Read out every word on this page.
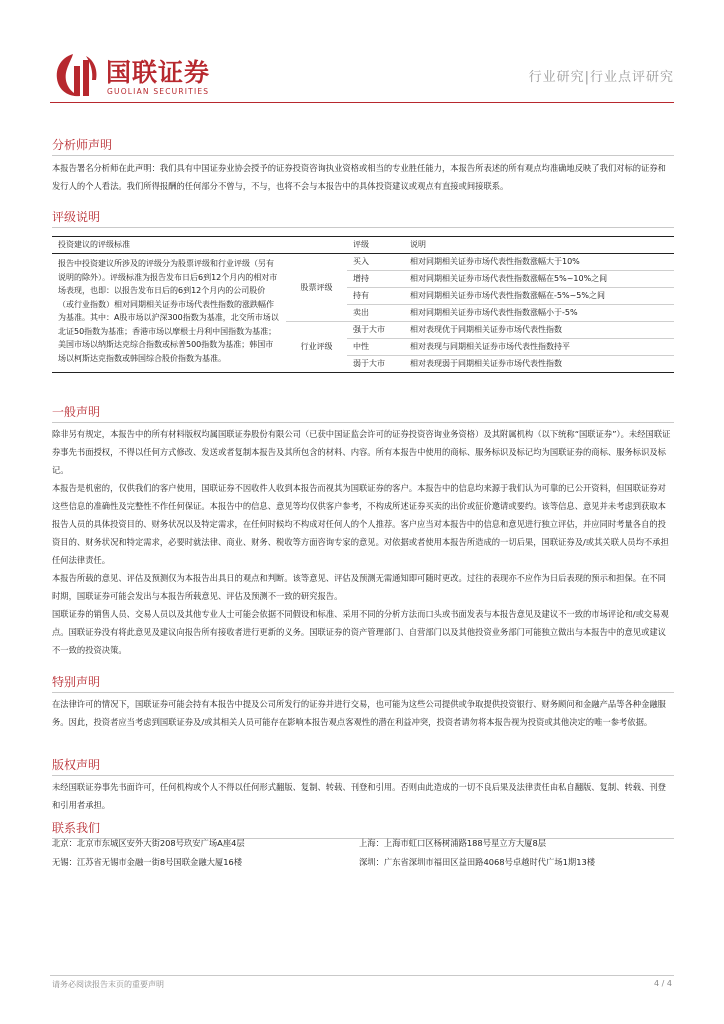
国联证券
GUOLIAN SECURITIES
行业研究|行业点评研究
分析师声明

本报告署名分析师在此声明：我们具有中国证券业协会授予的证券投资咨询执业资格或相当的专业胜任能力，本报告所表述的所有观点均准确地反映了我们对标的证券和发行人的个人看法。我们所得报酬的任何部分不曾与，不与，也将不会与本报告中的具体投资建议或观点有直接或间接联系。

评级说明
投资建议的评级标准		评级	说明
报告中投资建议所涉及的评级分为股票评级和行业评级（另有说明的除外）。评级标准为报告发布日后6到12个月内的相对市场表现，也即：以报告发布日后的6到12个月内的公司股价（或行业指数）相对同期相关证券市场代表性指数的涨跌幅作为基准。其中：A股市场以沪深300指数为基准，北交所市场以北证50指数为基准；香港市场以摩根士丹利中国指数为基准；美国市场以纳斯达克综合指数或标普500指数为基准；韩国市场以柯斯达克指数或韩国综合股价指数为基准。	股票评级	买入	相对同期相关证券市场代表性指数涨幅大于10%
		增持	相对同期相关证券市场代表性指数涨幅在5%~10%之间
		持有	相对同期相关证券市场代表性指数涨幅在-5%~5%之间
		卖出	相对同期相关证券市场代表性指数涨幅小于-5%
	行业评级	强于大市	相对表现优于同期相关证券市场代表性指数
		中性	相对表现与同期相关证券市场代表性指数持平
		弱于大市	相对表现弱于同期相关证券市场代表性指数
一般声明

除非另有规定，本报告中的所有材料版权均属国联证券股份有限公司（已获中国证监会许可的证券投资咨询业务资格）及其附属机构（以下统称“国联证券”）。未经国联证券事先书面授权，不得以任何方式修改、发送或者复制本报告及其所包含的材料、内容。所有本报告中使用的商标、服务标识及标记均为国联证券的商标、服务标识及标记。

本报告是机密的，仅供我们的客户使用，国联证券不因收件人收到本报告而视其为国联证券的客户。本报告中的信息均来源于我们认为可靠的已公开资料，但国联证券对这些信息的准确性及完整性不作任何保证。本报告中的信息、意见等均仅供客户参考，不构成所述证券买卖的出价或征价邀请或要约。该等信息、意见并未考虑到获取本报告人员的具体投资目的、财务状况以及特定需求，在任何时候均不构成对任何人的个人推荐。客户应当对本报告中的信息和意见进行独立评估，并应同时考量各自的投资目的、财务状况和特定需求，必要时就法律、商业、财务、税收等方面咨询专家的意见。对依据或者使用本报告所造成的一切后果，国联证券及/或其关联人员均不承担任何法律责任。

本报告所载的意见、评估及预测仅为本报告出具日的观点和判断。该等意见、评估及预测无需通知即可随时更改。过往的表现亦不应作为日后表现的预示和担保。在不同时期，国联证券可能会发出与本报告所载意见、评估及预测不一致的研究报告。

国联证券的销售人员、交易人员以及其他专业人士可能会依据不同假设和标准、采用不同的分析方法而口头或书面发表与本报告意见及建议不一致的市场评论和/或交易观点。国联证券没有将此意见及建议向报告所有接收者进行更新的义务。国联证券的资产管理部门、自营部门以及其他投资业务部门可能独立做出与本报告中的意见或建议不一致的投资决策。

特别声明

在法律许可的情况下，国联证券可能会持有本报告中提及公司所发行的证券并进行交易，也可能为这些公司提供或争取提供投资银行、财务顾问和金融产品等各种金融服务。因此，投资者应当考虑到国联证券及/或其相关人员可能存在影响本报告观点客观性的潜在利益冲突，投资者请勿将本报告视为投资或其他决定的唯一参考依据。

版权声明

未经国联证券事先书面许可，任何机构或个人不得以任何形式翻版、复制、转载、刊登和引用。否则由此造成的一切不良后果及法律责任由私自翻版、复制、转载、刊登和引用者承担。

联系我们
北京：北京市东城区安外大街208号玖安广场A座4层	上海：上海市虹口区杨树浦路188号星立方大厦8层
无锡：江苏省无锡市金融一街8号国联金融大厦16楼	深圳：广东省深圳市福田区益田路4068号卓越时代广场1期13楼
请务必阅读报告末页的重要声明	4 / 4
